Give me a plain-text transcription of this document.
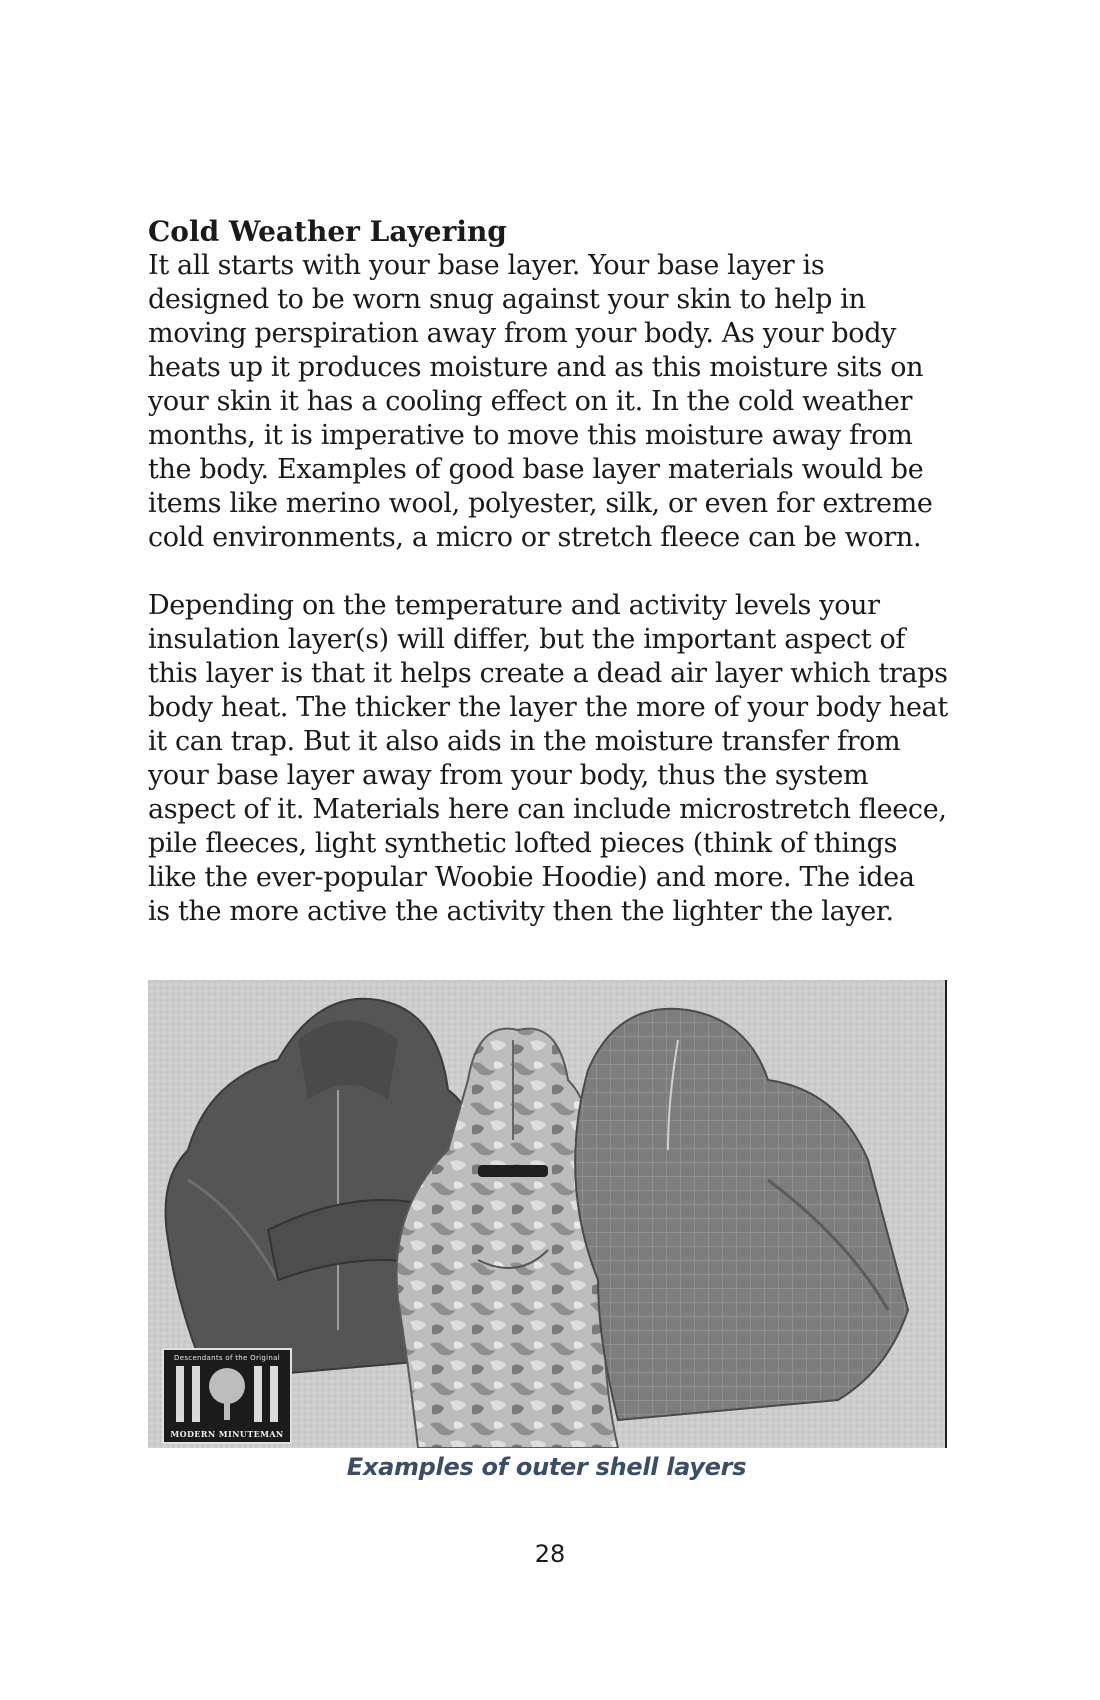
Cold Weather Layering

It all starts with your base layer. Your base layer is
designed to be worn snug against your skin to help in
moving perspiration away from your body. As your body
heats up it produces moisture and as this moisture sits on
your skin it has a cooling effect on it. In the cold weather
months, it is imperative to move this moisture away from
the body. Examples of good base layer materials would be
items like merino wool, polyester, silk, or even for extreme
cold environments, a micro or stretch fleece can be worn.

Depending on the temperature and activity levels your
insulation layer(s) will differ, but the important aspect of
this layer is that it helps create a dead air layer which traps
body heat. The thicker the layer the more of your body heat
it can trap. But it also aids in the moisture transfer from
your base layer away from your body, thus the system
aspect of it. Materials here can include microstretch fleece,
pile fleeces, light synthetic lofted pieces (think of things
like the ever-popular Woobie Hoodie) and more. The idea
is the more active the activity then the lighter the layer.

Descendants of the Original
MODERN MINUTEMAN
Examples of outer shell layers
28
